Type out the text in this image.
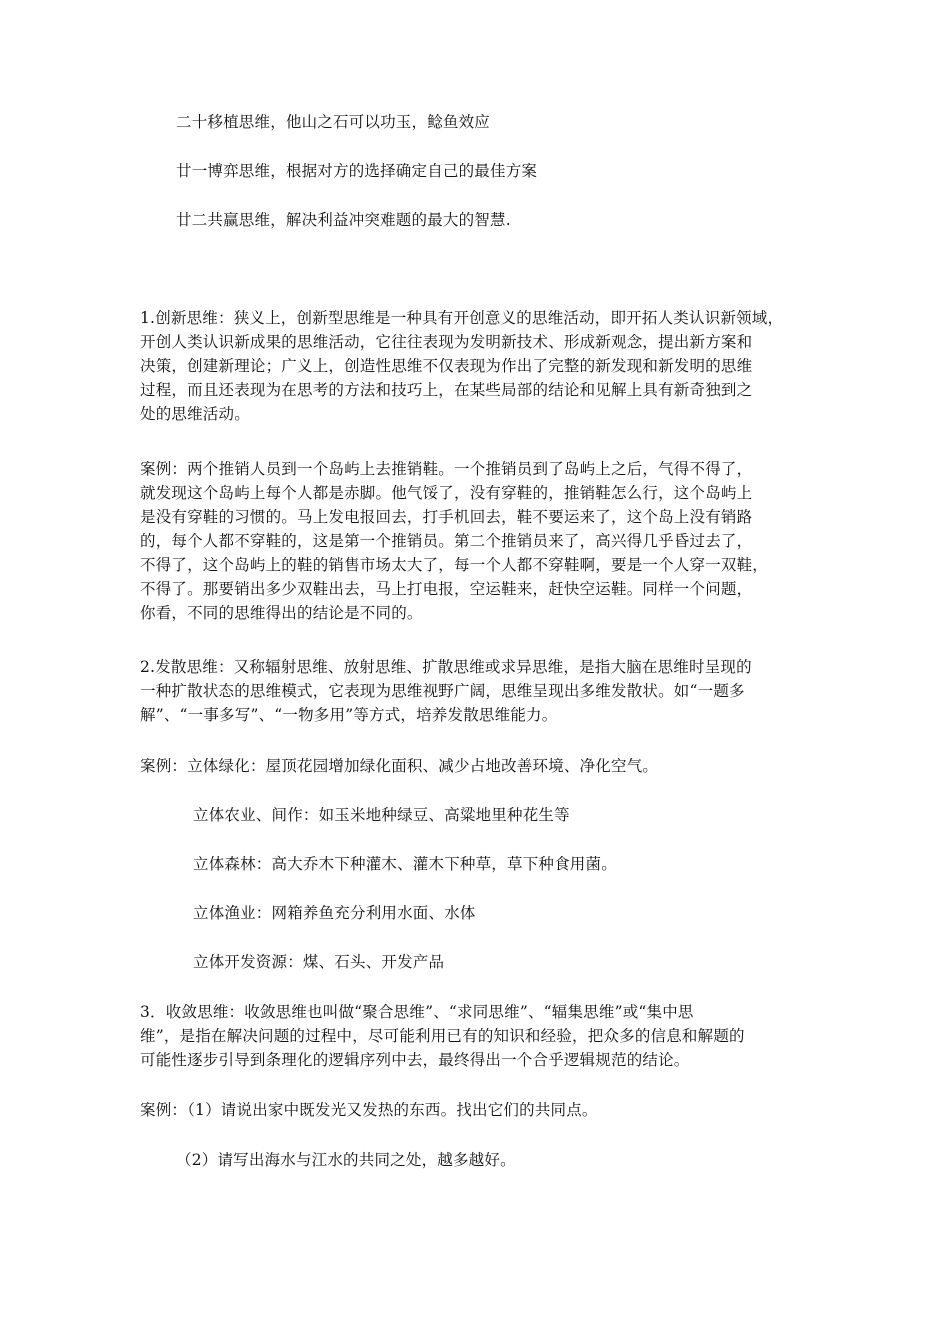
二十移植思维，他山之石可以功玉，鲶鱼效应
廿一博弈思维，根据对方的选择确定自己的最佳方案
廿二共赢思维，解决利益冲突难题的最大的智慧.
1.创新思维：狭义上，创新型思维是一种具有开创意义的思维活动，即开拓人类认识新领域，
开创人类认识新成果的思维活动，它往往表现为发明新技术、形成新观念，提出新方案和
决策，创建新理论；广义上，创造性思维不仅表现为作出了完整的新发现和新发明的思维
过程，而且还表现为在思考的方法和技巧上，在某些局部的结论和见解上具有新奇独到之
处的思维活动。
案例：两个推销人员到一个岛屿上去推销鞋。一个推销员到了岛屿上之后，气得不得了，
就发现这个岛屿上每个人都是赤脚。他气馁了，没有穿鞋的，推销鞋怎么行，这个岛屿上
是没有穿鞋的习惯的。马上发电报回去，打手机回去，鞋不要运来了，这个岛上没有销路
的，每个人都不穿鞋的，这是第一个推销员。第二个推销员来了，高兴得几乎昏过去了，
不得了，这个岛屿上的鞋的销售市场太大了，每一个人都不穿鞋啊，要是一个人穿一双鞋，
不得了。那要销出多少双鞋出去，马上打电报，空运鞋来，赶快空运鞋。同样一个问题，
你看，不同的思维得出的结论是不同的。
2.发散思维：又称辐射思维、放射思维、扩散思维或求异思维，是指大脑在思维时呈现的
一种扩散状态的思维模式，它表现为思维视野广阔，思维呈现出多维发散状。如“一题多
解”、“一事多写”、“一物多用”等方式，培养发散思维能力。
案例：立体绿化：屋顶花园增加绿化面积、减少占地改善环境、净化空气。
立体农业、间作：如玉米地种绿豆、高粱地里种花生等
立体森林：高大乔木下种灌木、灌木下种草，草下种食用菌。
立体渔业：网箱养鱼充分利用水面、水体
立体开发资源：煤、石头、开发产品
3．收敛思维：收敛思维也叫做“聚合思维”、“求同思维”、“辐集思维”或“集中思
维”，是指在解决问题的过程中，尽可能利用已有的知识和经验，把众多的信息和解题的
可能性逐步引导到条理化的逻辑序列中去，最终得出一个合乎逻辑规范的结论。
案例：（1）请说出家中既发光又发热的东西。找出它们的共同点。
（2）请写出海水与江水的共同之处，越多越好。
